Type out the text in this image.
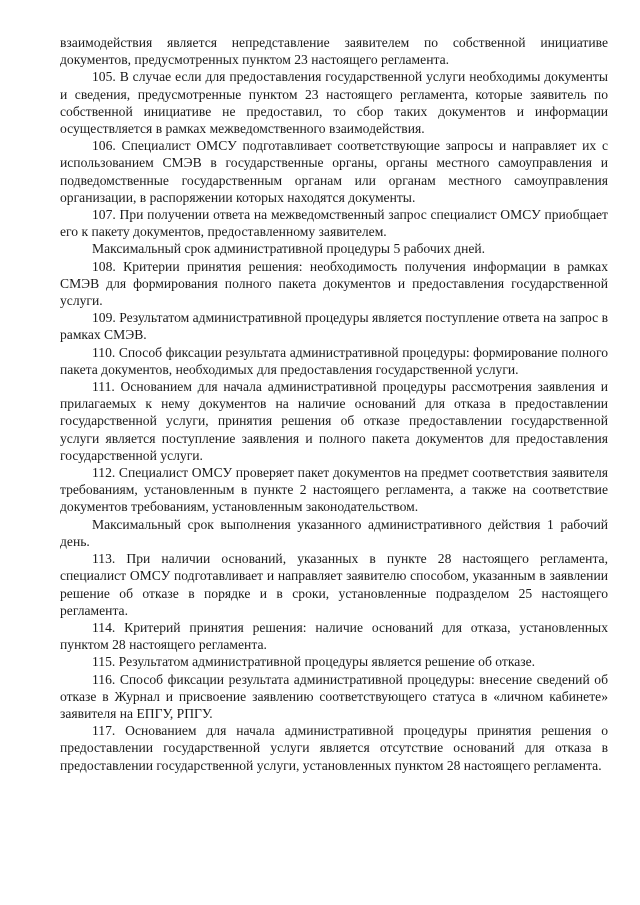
взаимодействия является непредставление заявителем по собственной инициативе документов, предусмотренных пунктом 23 настоящего регламента.

105. В случае если для предоставления государственной услуги необходимы документы и сведения, предусмотренные пунктом 23 настоящего регламента, которые заявитель по собственной инициативе не предоставил, то сбор таких документов и информации осуществляется в рамках межведомственного взаимодействия.

106. Специалист ОМСУ подготавливает соответствующие запросы и направляет их с использованием СМЭВ в государственные органы, органы местного самоуправления и подведомственные государственным органам или органам местного самоуправления организации, в распоряжении которых находятся документы.

107. При получении ответа на межведомственный запрос специалист ОМСУ приобщает его к пакету документов, предоставленному заявителем.

Максимальный срок административной процедуры 5 рабочих дней.

108. Критерии принятия решения: необходимость получения информации в рамках СМЭВ для формирования полного пакета документов и предоставления государственной услуги.

109. Результатом административной процедуры является поступление ответа на запрос в рамках СМЭВ.

110. Способ фиксации результата административной процедуры: формирование полного пакета документов, необходимых для предоставления государственной услуги.

111. Основанием для начала административной процедуры рассмотрения заявления и прилагаемых к нему документов на наличие оснований для отказа в предоставлении государственной услуги, принятия решения об отказе предоставлении государственной услуги является поступление заявления и полного пакета документов для предоставления государственной услуги.

112. Специалист ОМСУ проверяет пакет документов на предмет соответствия заявителя требованиям, установленным в пункте 2 настоящего регламента, а также на соответствие документов требованиям, установленным законодательством.

Максимальный срок выполнения указанного административного действия 1 рабочий день.

113. При наличии оснований, указанных в пункте 28 настоящего регламента, специалист ОМСУ подготавливает и направляет заявителю способом, указанным в заявлении решение об отказе в порядке и в сроки, установленные подразделом 25 настоящего регламента.

114. Критерий принятия решения: наличие оснований для отказа, установленных пунктом 28 настоящего регламента.

115. Результатом административной процедуры является решение об отказе.

116. Способ фиксации результата административной процедуры: внесение сведений об отказе в Журнал и присвоение заявлению соответствующего статуса в «личном кабинете» заявителя на ЕПГУ, РПГУ.

117. Основанием для начала административной процедуры принятия решения о предоставлении государственной услуги является отсутствие оснований для отказа в предоставлении государственной услуги, установленных пунктом 28 настоящего регламента.
